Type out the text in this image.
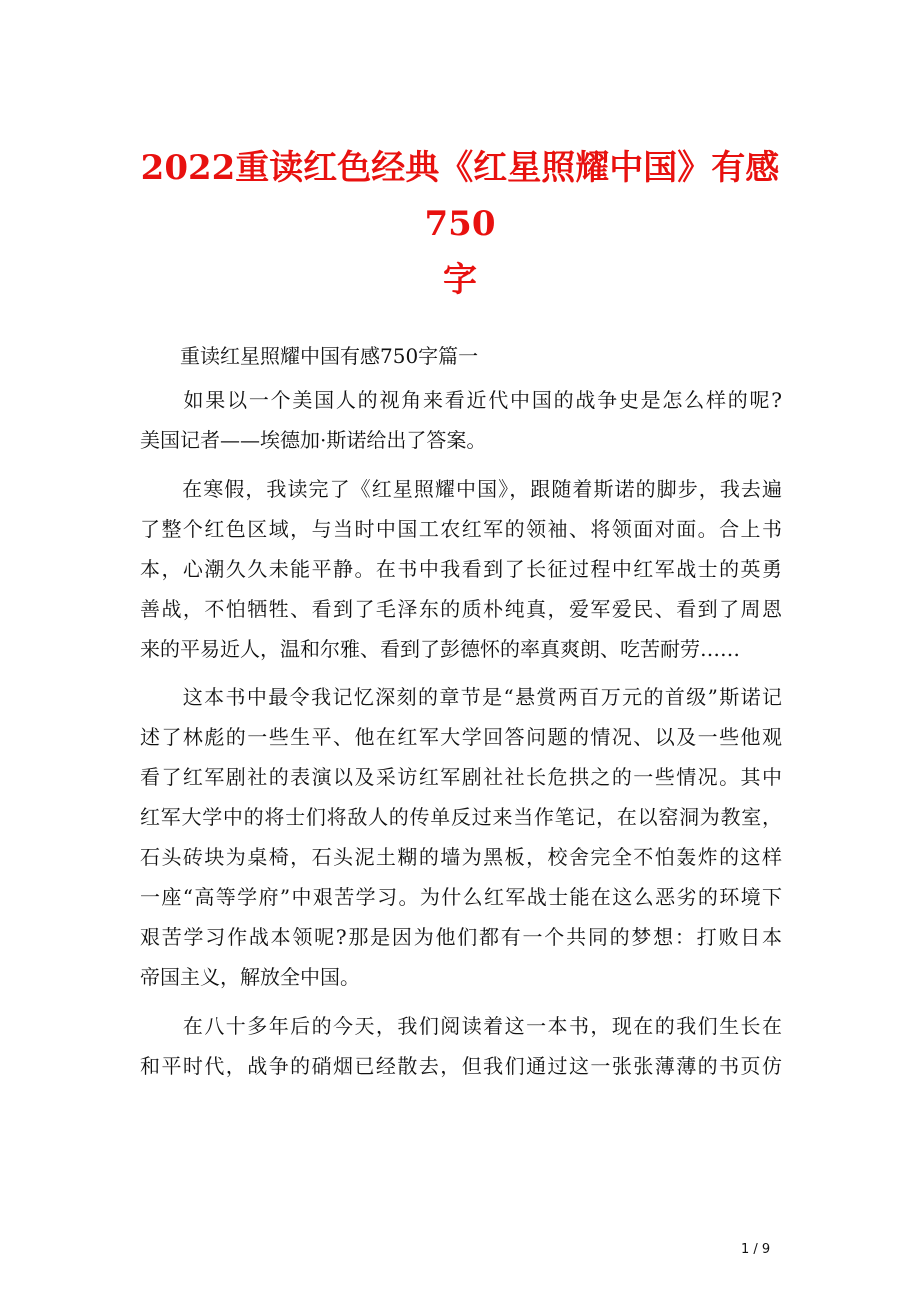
2022重读红色经典《红星照耀中国》有感750
字
重读红星照耀中国有感750字篇一
　　如果以一个美国人的视角来看近代中国的战争史是怎么样的呢?
美国记者——埃德加·斯诺给出了答案。
　　在寒假，我读完了《红星照耀中国》，跟随着斯诺的脚步，我去遍
了整个红色区域，与当时中国工农红军的领袖、将领面对面。合上书
本，心潮久久未能平静。在书中我看到了长征过程中红军战士的英勇
善战，不怕牺牲、看到了毛泽东的质朴纯真，爱军爱民、看到了周恩
来的平易近人，温和尔雅、看到了彭德怀的率真爽朗、吃苦耐劳……
　　这本书中最令我记忆深刻的章节是“悬赏两百万元的首级”斯诺记
述了林彪的一些生平、他在红军大学回答问题的情况、以及一些他观
看了红军剧社的表演以及采访红军剧社社长危拱之的一些情况。其中
红军大学中的将士们将敌人的传单反过来当作笔记，在以窑洞为教室，
石头砖块为桌椅，石头泥土糊的墙为黑板，校舍完全不怕轰炸的这样
一座“高等学府”中艰苦学习。为什么红军战士能在这么恶劣的环境下
艰苦学习作战本领呢?那是因为他们都有一个共同的梦想：打败日本
帝国主义，解放全中国。
　　在八十多年后的今天，我们阅读着这一本书，现在的我们生长在
和平时代，战争的硝烟已经散去，但我们通过这一张张薄薄的书页仿
1 / 9
